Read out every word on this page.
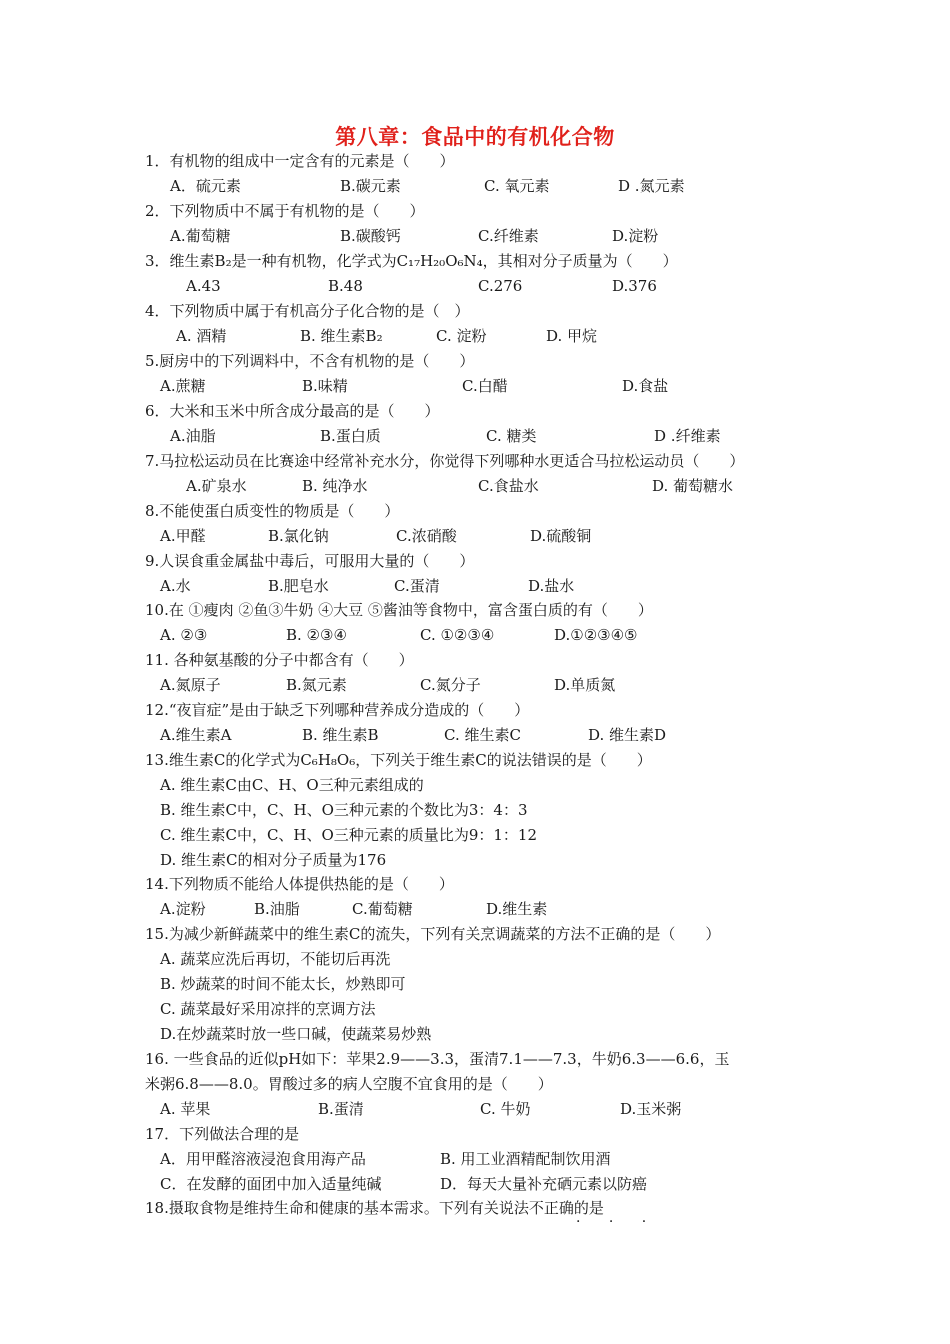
第八章：食品中的有机化合物
1．有机物的组成中一定含有的元素是（　　）
A．硫元素	B.碳元素	C. 氧元素	D .氮元素
2．下列物质中不属于有机物的是（　　）
A.葡萄糖	B.碳酸钙	C.纤维素	D.淀粉
3．维生素B₂是一种有机物，化学式为C₁₇H₂₀O₆N₄，其相对分子质量为（　　）
A.43	B.48	C.276	D.376
4．下列物质中属于有机高分子化合物的是（　）
A. 酒精	B. 维生素B₂	C. 淀粉	D. 甲烷
5.厨房中的下列调料中，不含有机物的是（　　）
A.蔗糖	B.味精	C.白醋	D.食盐
6．大米和玉米中所含成分最高的是（　　）
A.油脂	B.蛋白质	C. 糖类	D .纤维素
7.马拉松运动员在比赛途中经常补充水分，你觉得下列哪种水更适合马拉松运动员（　　）
A.矿泉水	B. 纯净水	C.食盐水	D. 葡萄糖水
8.不能使蛋白质变性的物质是（　　）
A.甲醛	B.氯化钠	C.浓硝酸	D.硫酸铜
9.人误食重金属盐中毒后，可服用大量的（　　）
A.水	B.肥皂水	C.蛋清	D.盐水
10.在 ①瘦肉 ②鱼③牛奶 ④大豆 ⑤酱油等食物中，富含蛋白质的有（　　）
A. ②③	B. ②③④	C. ①②③④	D.①②③④⑤
11. 各种氨基酸的分子中都含有（　　）
A.氮原子	B.氮元素	C.氮分子	D.单质氮
12.“夜盲症”是由于缺乏下列哪种营养成分造成的（　　）
A.维生素A	B. 维生素B	C. 维生素C	D. 维生素D
13.维生素C的化学式为C₆H₈O₆，下列关于维生素C的说法错误的是（　　）
A. 维生素C由C、H、O三种元素组成的
B. 维生素C中，C、H、O三种元素的个数比为3：4：3
C. 维生素C中，C、H、O三种元素的质量比为9：1：12
D. 维生素C的相对分子质量为176
14.下列物质不能给人体提供热能的是（　　）
A.淀粉	B.油脂	C.葡萄糖	D.维生素
15.为减少新鲜蔬菜中的维生素C的流失，下列有关烹调蔬菜的方法不正确的是（　　）
A. 蔬菜应洗后再切，不能切后再洗
B. 炒蔬菜的时间不能太长，炒熟即可
C. 蔬菜最好采用凉拌的烹调方法
D.在炒蔬菜时放一些口碱，使蔬菜易炒熟
16. 一些食品的近似pH如下：苹果2.9——3.3，蛋清7.1——7.3，牛奶6.3——6.6，玉
米粥6.8——8.0。胃酸过多的病人空腹不宜食用的是（　　）
A. 苹果	B.蛋清	C. 牛奶	D.玉米粥
17．下列做法合理的是
A．用甲醛溶液浸泡食用海产品	B. 用工业酒精配制饮用酒
C．在发酵的面团中加入适量纯碱	D．每天大量补充硒元素以防癌
18.摄取食物是维持生命和健康的基本需求。下列有关说法不正确的是
· · ·
